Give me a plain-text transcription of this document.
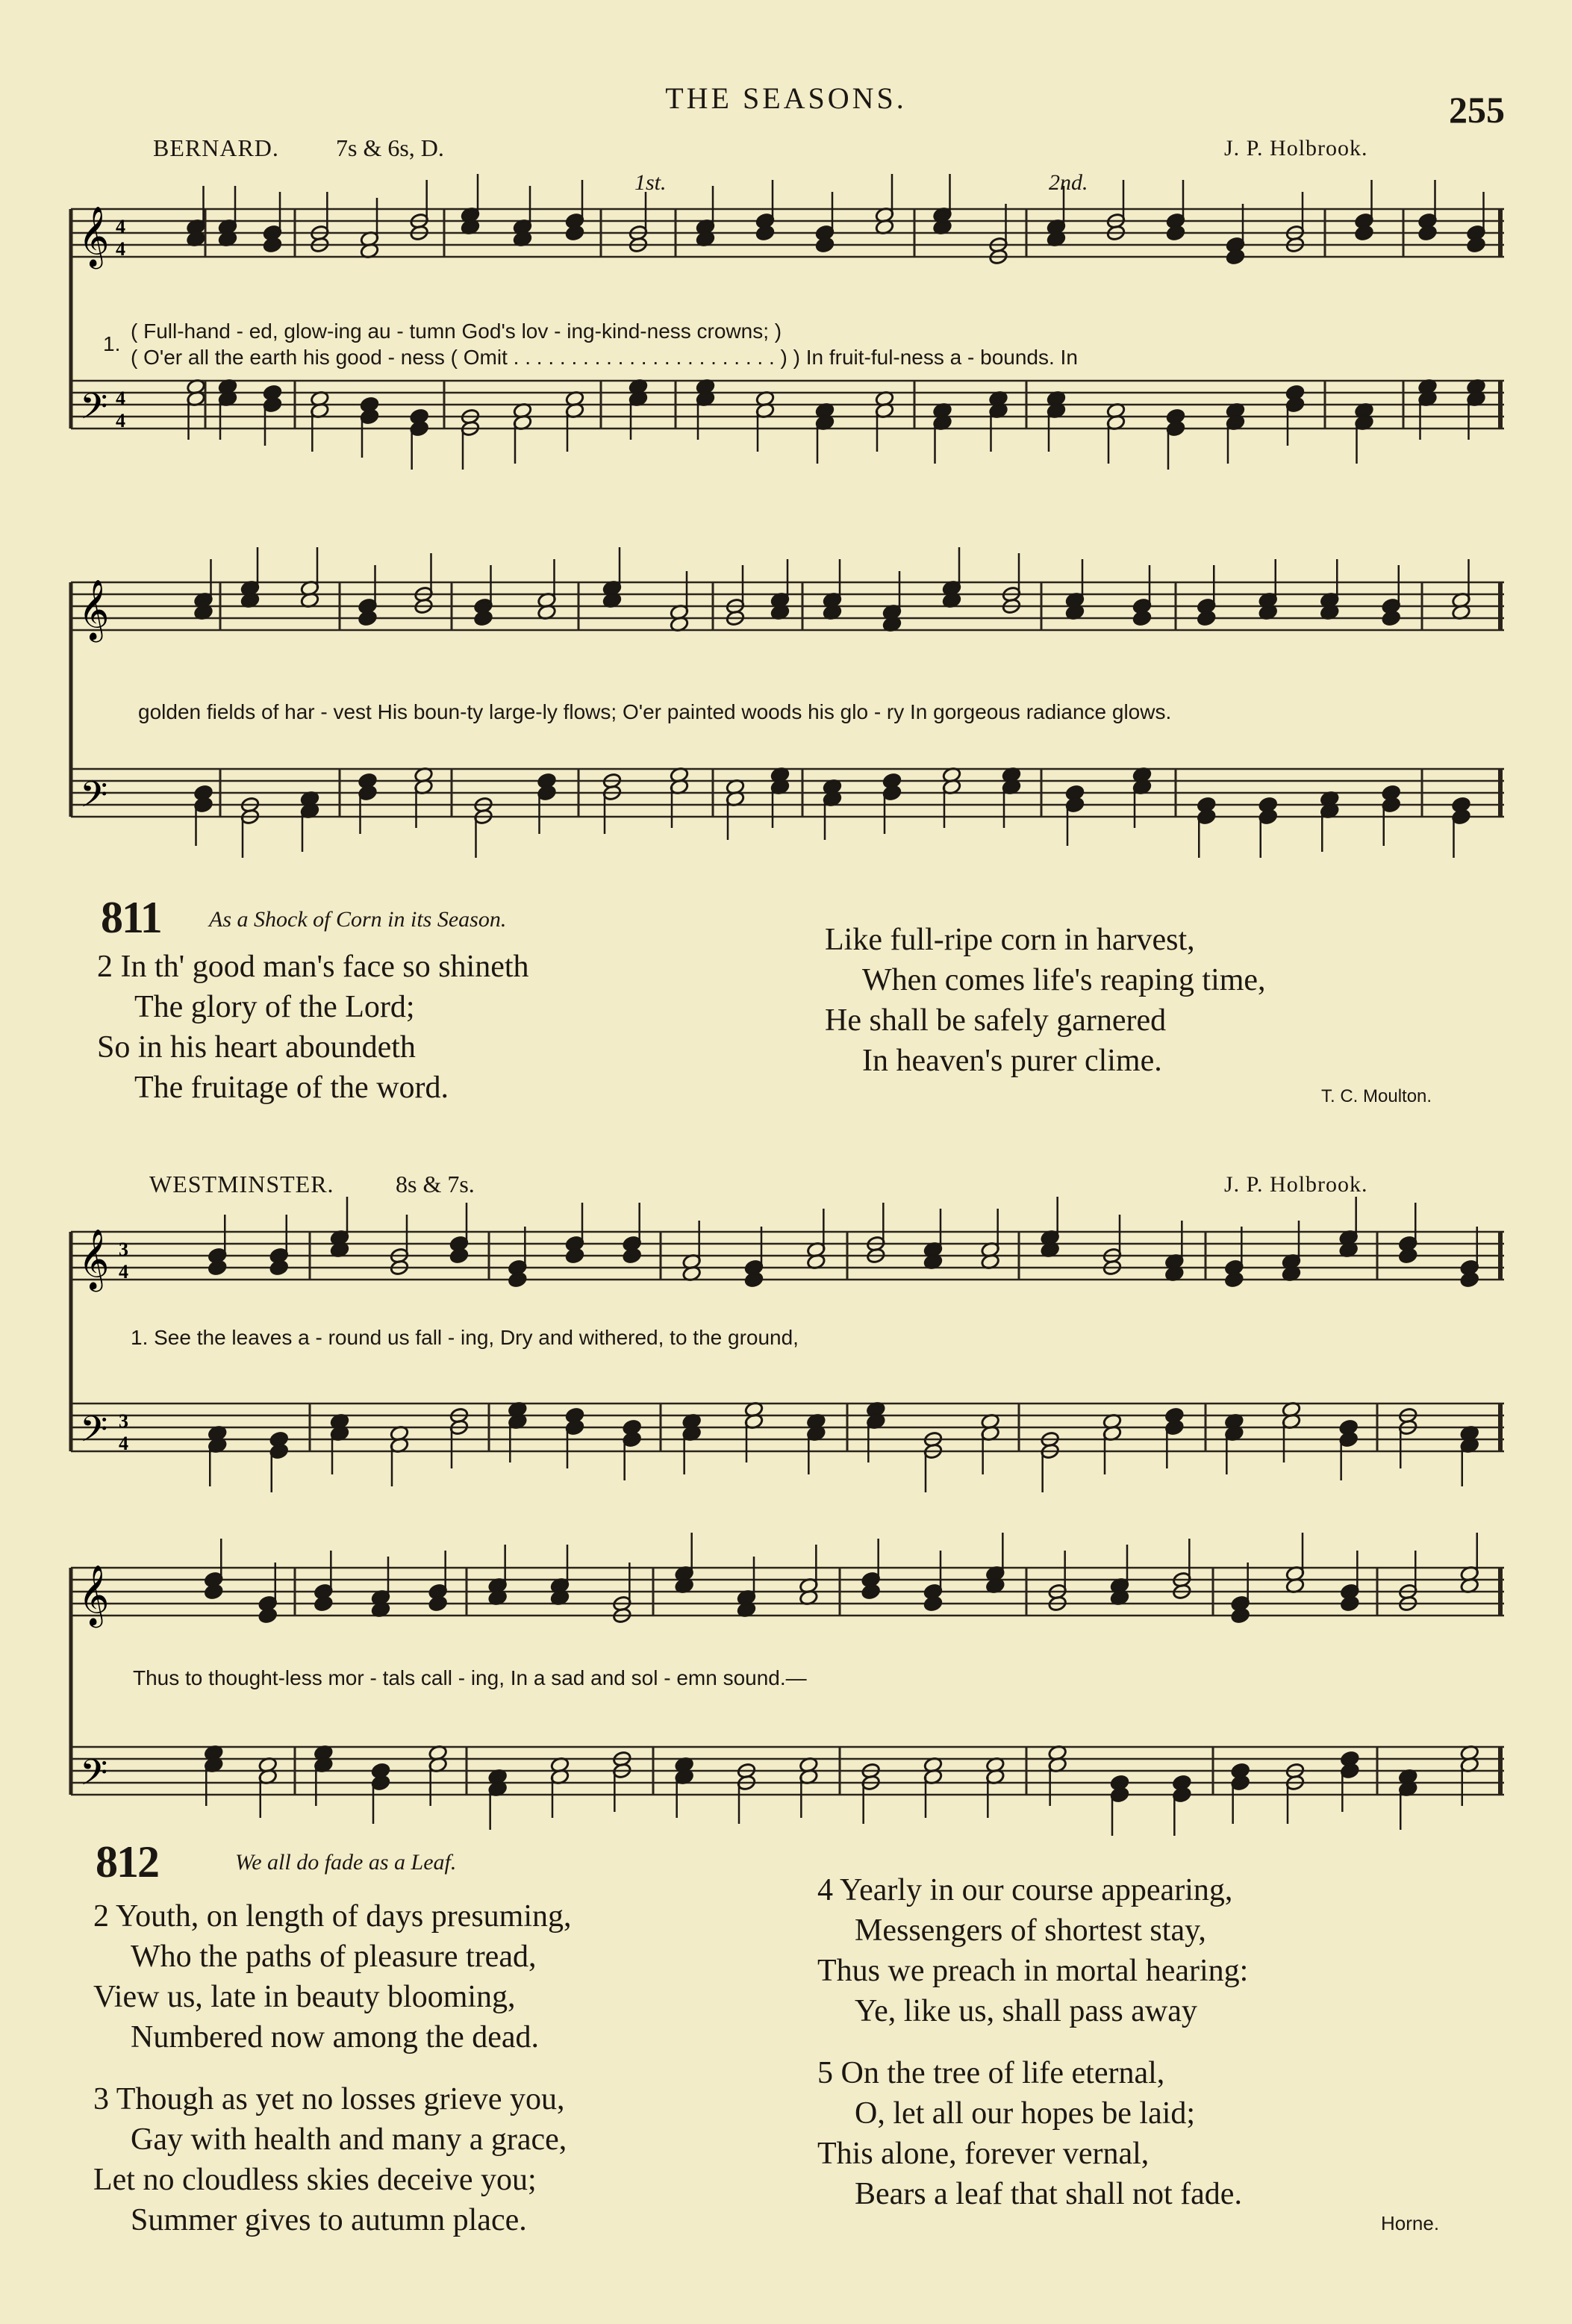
𝄞
𝄢
4
4
4
4
𝄞
𝄢
𝄞
𝄢
3
4
3
4
𝄞
𝄢
THE SEASONS.	255
BERNARD. 7s & 6s, D.	J. P. Holbrook.
1st.	2nd.
1.
( Full-hand - ed, glow-ing au - tumn God's lov - ing-kind-ness crowns; )
( O'er all the earth his good - ness ( Omit . . . . . . . . . . . . . . . . . . . . . . . ) ) In fruit-ful-ness a - bounds. In
golden fields of har - vest His boun-ty large-ly flows; O'er painted woods his glo - ry In gorgeous radiance glows.
811 As a Shock of Corn in its Season.
2 In th' good man's face so shineth
The glory of the Lord;
So in his heart aboundeth
The fruitage of the word.
Like full-ripe corn in harvest,
When comes life's reaping time,
He shall be safely garnered
In heaven's purer clime.
T. C. Moulton.
WESTMINSTER.	8s & 7s.	J. P. Holbrook.
1. See the leaves a - round us fall - ing, Dry and withered, to the ground,
Thus to thought-less mor - tals call - ing, In a sad and sol - emn sound.—
812	We all do fade as a Leaf.
2 Youth, on length of days presuming,
Who the paths of pleasure tread,
View us, late in beauty blooming,
Numbered now among the dead.
3 Though as yet no losses grieve you,
Gay with health and many a grace,
Let no cloudless skies deceive you;
Summer gives to autumn place.
4 Yearly in our course appearing,
Messengers of shortest stay,
Thus we preach in mortal hearing:
Ye, like us, shall pass away
5 On the tree of life eternal,
O, let all our hopes be laid;
This alone, forever vernal,
Bears a leaf that shall not fade.
Horne.
